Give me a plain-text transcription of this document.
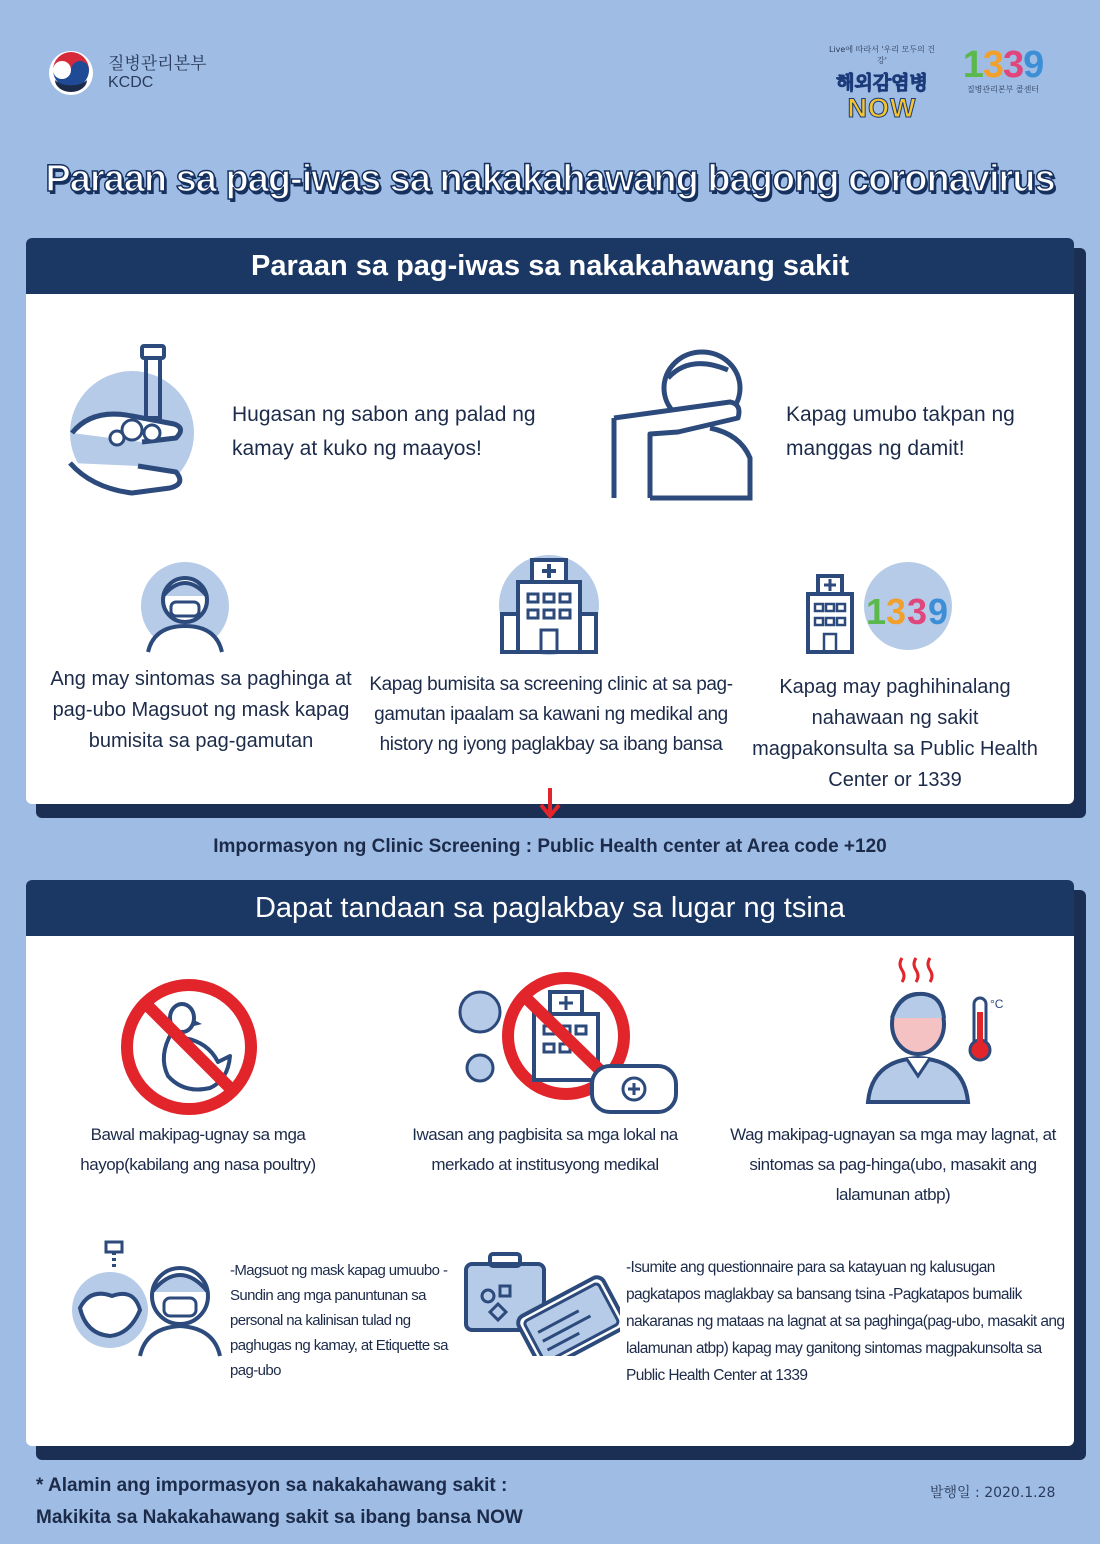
질병관리본부
KCDC
Live에 따라서 '우리 모두의 건강'
해외감염병
NOW
1339
질병관리본부 콜센터
Paraan sa pag-iwas sa nakakahawang bagong coronavirus
Paraan sa pag-iwas sa nakakahawang sakit
Hugasan ng sabon ang palad ng kamay at kuko ng maayos!
Kapag umubo takpan ng manggas ng damit!
Ang may sintomas sa paghinga at pag-ubo Magsuot ng mask kapag bumisita sa pag-gamutan
Kapag bumisita sa screening clinic at sa pag-gamutan ipaalam sa kawani ng medikal ang history ng iyong paglakbay sa ibang bansa
1 3 3 9
Kapag may paghihinalang nahawaan ng sakit magpakonsulta sa Public Health Center or 1339
Impormasyon ng Clinic Screening : Public Health center at Area code +120
Dapat tandaan sa paglakbay sa lugar ng tsina
Bawal makipag-ugnay sa mga hayop(kabilang ang nasa poultry)
Iwasan ang pagbisita sa mga lokal na merkado at institusyong medikal
°C
Wag makipag-ugnayan sa mga may lagnat, at sintomas sa pag-hinga(ubo, masakit ang lalamunan atbp)
-Magsuot ng mask kapag umuubo -Sundin ang mga panuntunan sa personal na kalinisan tulad ng paghugas ng kamay, at Etiquette sa pag-ubo
-Isumite ang questionnaire para sa katayuan ng kalusugan pagkatapos maglakbay sa bansang tsina -Pagkatapos bumalik nakaranas ng mataas na lagnat at sa paghinga(pag-ubo, masakit ang lalamunan atbp) kapag may ganitong sintomas magpakunsolta sa Public Health Center at 1339
* Alamin ang impormasyon sa nakakahawang sakit :
Makikita sa Nakakahawang sakit sa ibang bansa NOW
발행일 : 2020.1.28
